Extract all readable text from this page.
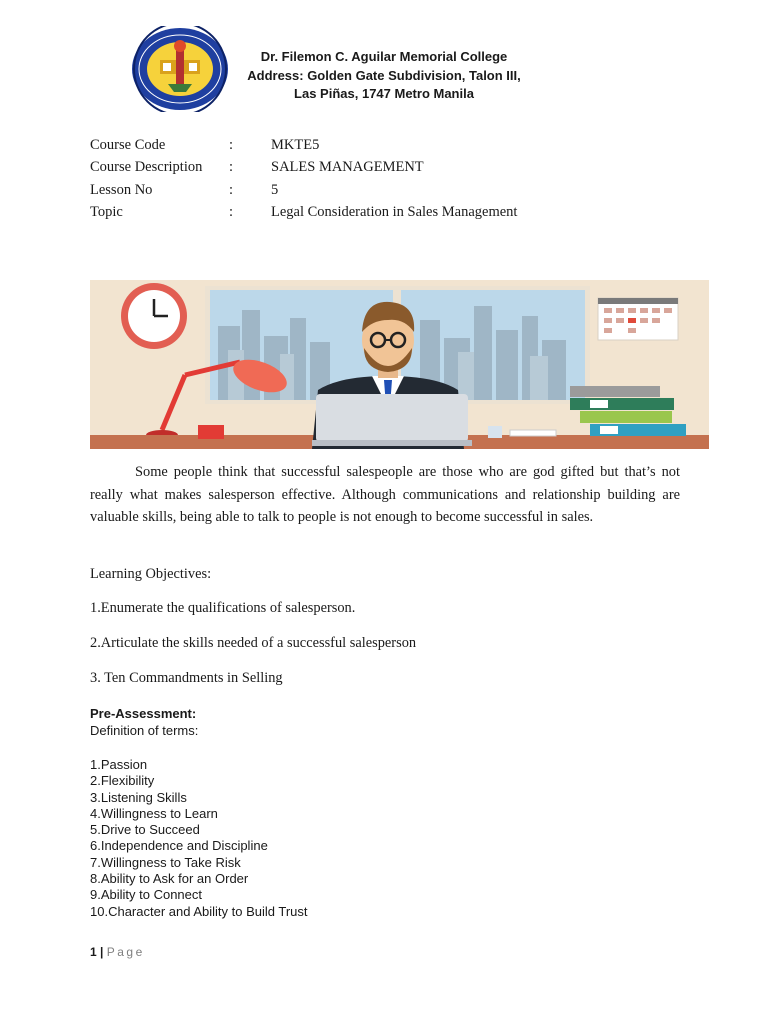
Dr. Filemon C. Aguilar Memorial College
Address: Golden Gate Subdivision, Talon III,
Las Piñas, 1747 Metro Manila
Course Code	:	MKTE5
Course Description :	SALES MANAGEMENT
Lesson No	:	5
Topic	:	Legal Consideration in Sales Management

Some people think that successful salespeople are those who are god gifted but that’s not really what makes salesperson effective. Although communications and relationship building are valuable skills, being able to talk to people is not enough to become successful in sales.

Learning Objectives:
1.Enumerate the qualifications of salesperson.
2.Articulate the skills needed of a successful salesperson
3. Ten Commandments in Selling
Pre-Assessment:
Definition of terms:
1.Passion
2.Flexibility
3.Listening Skills
4.Willingness to Learn
5.Drive to Succeed
6.Independence and Discipline
7.Willingness to Take Risk
8.Ability to Ask for an Order
9.Ability to Connect
10.Character and Ability to Build Trust
1 | Page
